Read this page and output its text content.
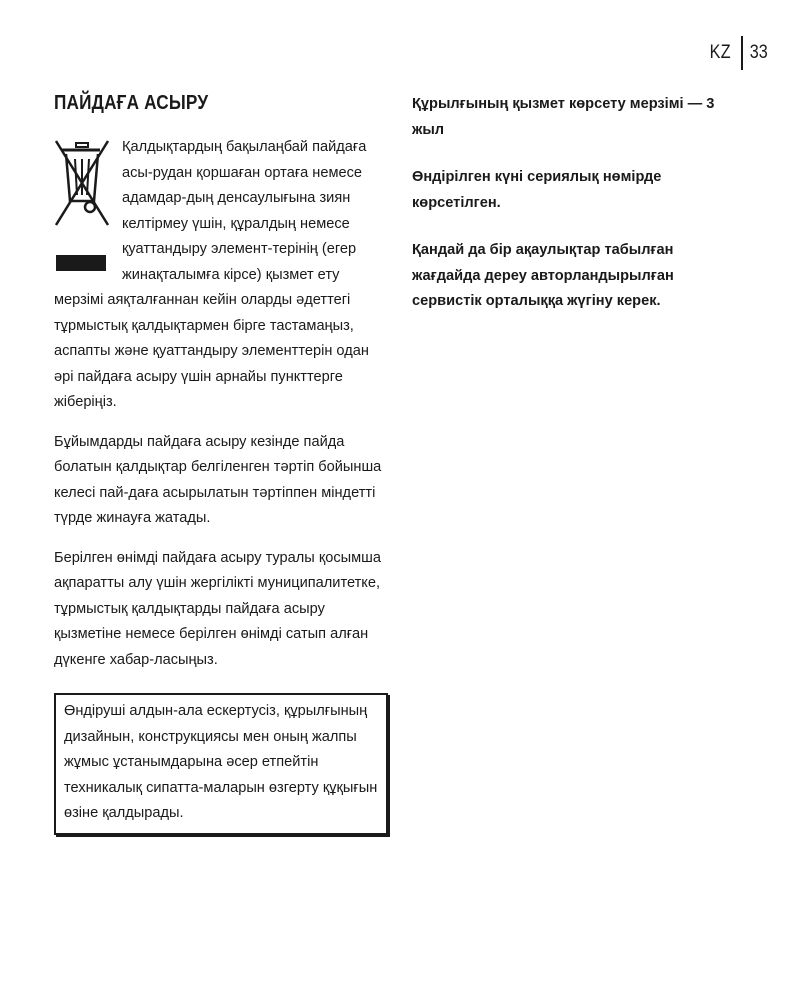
KZ	33
ПАЙДАҒА АСЫРУ

Қалдықтардың бақылаңбай пайдаға асы-рудан қоршаған ортаға немесе адамдар-дың денсаулығына зиян келтірмеу үшін, құралдың немесе қуаттандыру элемент-терінің (егер жинақталымға кірсе) қызмет ету мерзімі аяқталғаннан кейін оларды әдеттегі тұрмыстық қалдықтармен бірге тастамаңыз, аспапты және қуаттандыру элементтерін одан әрі пайдаға асыру үшін арнайы пункттерге жіберіңіз.

Бұйымдарды пайдаға асыру кезінде пайда болатын қалдықтар белгіленген тәртіп бойынша келесі пай-даға асырылатын тәртіппен міндетті түрде жинауға жатады.

Берілген өнімді пайдаға асыру туралы қосымша ақпаратты алу үшін жергілікті муниципалитетке, тұрмыстық қалдықтарды пайдаға асыру қызметіне немесе берілген өнімді сатып алған дүкенге хабар-ласыңыз.

Өндіруші алдын-ала ескертусіз, құрылғының дизайнын, конструкциясы мен оның жалпы жұмыс ұстанымдарына әсер етпейтін техникалық сипатта-маларын өзгерту құқығын өзіне қалдырады.

Құрылғының қызмет көрсету мерзімі — 3 жыл

Өндірілген күні сериялық нөмірде көрсетілген.

Қандай да бір ақаулықтар табылған жағдайда дереу авторландырылған сервистік орталыққа жүгіну керек.
